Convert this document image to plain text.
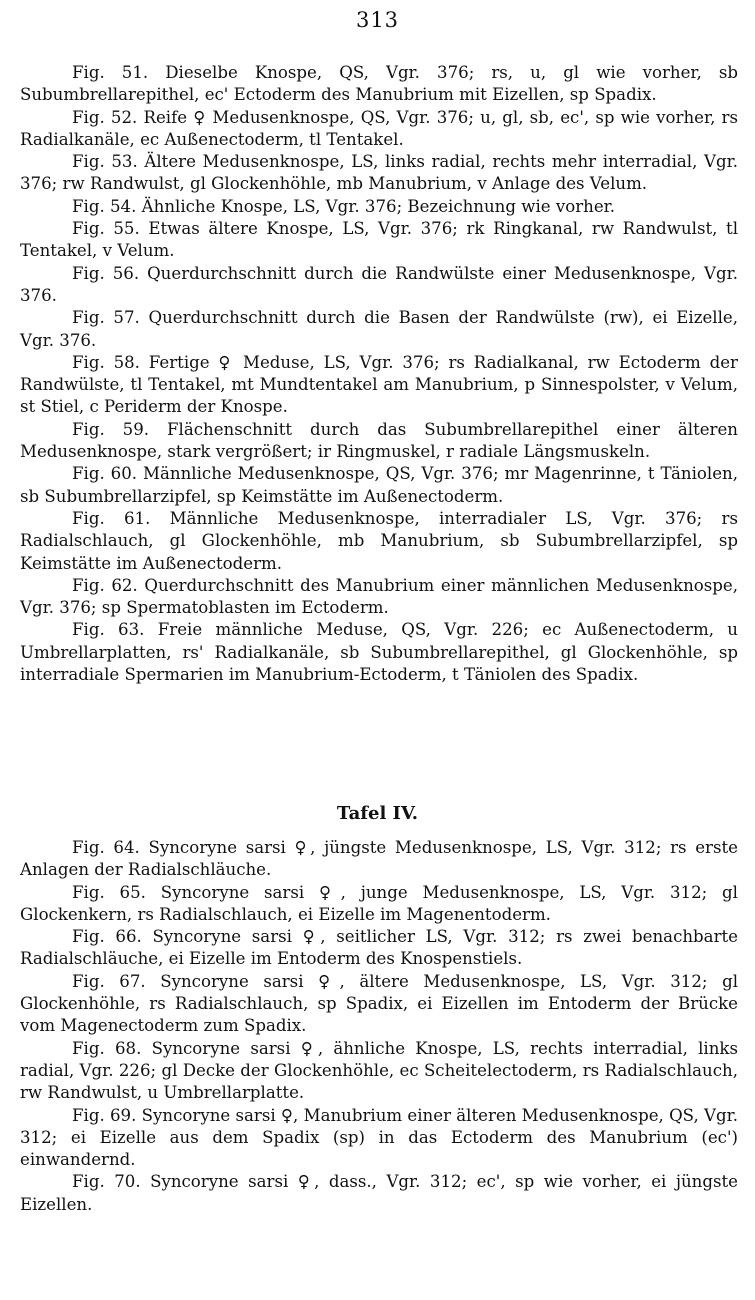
313

Fig. 51. Dieselbe Knospe, QS, Vgr. 376; rs, u, gl wie vorher, sb Subumbrellarepithel, ec' Ectoderm des Manubrium mit Eizellen, sp Spadix.

Fig. 52. Reife ♀ Medusenknospe, QS, Vgr. 376; u, gl, sb, ec', sp wie vorher, rs Radialkanäle, ec Außenectoderm, tl Tentakel.

Fig. 53. Ältere Medusenknospe, LS, links radial, rechts mehr interradial, Vgr. 376; rw Randwulst, gl Glockenhöhle, mb Manubrium, v Anlage des Velum.

Fig. 54. Ähnliche Knospe, LS, Vgr. 376; Bezeichnung wie vorher.

Fig. 55. Etwas ältere Knospe, LS, Vgr. 376; rk Ringkanal, rw Randwulst, tl Tentakel, v Velum.

Fig. 56. Querdurchschnitt durch die Randwülste einer Medusenknospe, Vgr. 376.

Fig. 57. Querdurchschnitt durch die Basen der Randwülste (rw), ei Eizelle, Vgr. 376.

Fig. 58. Fertige ♀ Meduse, LS, Vgr. 376; rs Radialkanal, rw Ectoderm der Randwülste, tl Tentakel, mt Mundtentakel am Manubrium, p Sinnespolster, v Velum, st Stiel, c Periderm der Knospe.

Fig. 59. Flächenschnitt durch das Subumbrellarepithel einer älteren Medusenknospe, stark vergrößert; ir Ringmuskel, r radiale Längsmuskeln.

Fig. 60. Männliche Medusenknospe, QS, Vgr. 376; mr Magenrinne, t Täniolen, sb Subumbrellarzipfel, sp Keimstätte im Außenectoderm.

Fig. 61. Männliche Medusenknospe, interradialer LS, Vgr. 376; rs Radialschlauch, gl Glockenhöhle, mb Manubrium, sb Subumbrellarzipfel, sp Keimstätte im Außenectoderm.

Fig. 62. Querdurchschnitt des Manubrium einer männlichen Medusenknospe, Vgr. 376; sp Spermatoblasten im Ectoderm.

Fig. 63. Freie männliche Meduse, QS, Vgr. 226; ec Außenectoderm, u Umbrellarplatten, rs' Radialkanäle, sb Subumbrellarepithel, gl Glockenhöhle, sp interradiale Spermarien im Manubrium-Ectoderm, t Täniolen des Spadix.

Tafel IV.

Fig. 64. Syncoryne sarsi ♀, jüngste Medusenknospe, LS, Vgr. 312; rs erste Anlagen der Radialschläuche.

Fig. 65. Syncoryne sarsi ♀, junge Medusenknospe, LS, Vgr. 312; gl Glockenkern, rs Radialschlauch, ei Eizelle im Magenentoderm.

Fig. 66. Syncoryne sarsi ♀, seitlicher LS, Vgr. 312; rs zwei benachbarte Radialschläuche, ei Eizelle im Entoderm des Knospenstiels.

Fig. 67. Syncoryne sarsi ♀, ältere Medusenknospe, LS, Vgr. 312; gl Glockenhöhle, rs Radialschlauch, sp Spadix, ei Eizellen im Entoderm der Brücke vom Magenectoderm zum Spadix.

Fig. 68. Syncoryne sarsi ♀, ähnliche Knospe, LS, rechts interradial, links radial, Vgr. 226; gl Decke der Glockenhöhle, ec Scheitelectoderm, rs Radialschlauch, rw Randwulst, u Umbrellarplatte.

Fig. 69. Syncoryne sarsi ♀, Manubrium einer älteren Medusenknospe, QS, Vgr. 312; ei Eizelle aus dem Spadix (sp) in das Ectoderm des Manubrium (ec') einwandernd.

Fig. 70. Syncoryne sarsi ♀, dass., Vgr. 312; ec', sp wie vorher, ei jüngste Eizellen.
